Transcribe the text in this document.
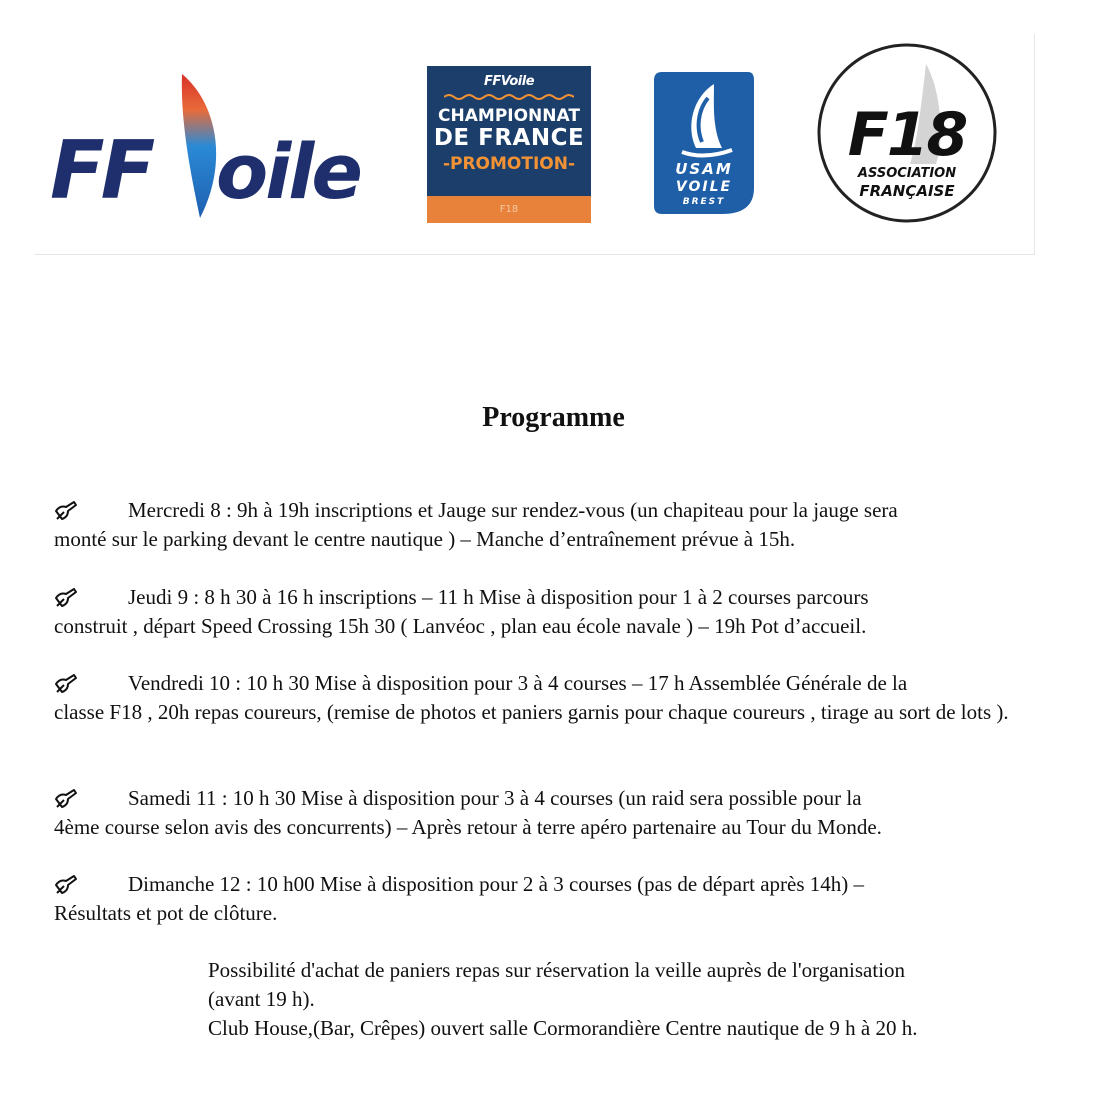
FF oile
FFVoile
CHAMPIONNAT
DE FRANCE
-PROMOTION-
F18
USAM
VOILE
BREST
F18
ASSOCIATION
FRANÇAISE
Programme
Mercredi 8 : 9h à 19h inscriptions et Jauge sur rendez-vous (un chapiteau pour la jauge sera
monté sur le parking devant le centre nautique ) – Manche d’entraînement prévue à 15h.
Jeudi 9 : 8 h 30 à 16 h inscriptions – 11 h Mise à disposition pour 1 à 2 courses parcours
construit , départ Speed Crossing 15h 30 ( Lanvéoc , plan eau école navale ) – 19h Pot d’accueil.
Vendredi 10 : 10 h 30 Mise à disposition pour 3 à 4 courses – 17 h Assemblée Générale de la
classe F18 , 20h repas coureurs, (remise de photos et paniers garnis pour chaque coureurs , tirage au sort de lots ).
Samedi 11 : 10 h 30 Mise à disposition pour 3 à 4 courses (un raid sera possible pour la
4ème course selon avis des concurrents) – Après retour à terre apéro partenaire au Tour du Monde.
Dimanche 12 : 10 h00 Mise à disposition pour 2 à 3 courses (pas de départ après 14h) –
Résultats et pot de clôture.
Possibilité d'achat de paniers repas sur réservation la veille auprès de l'organisation
(avant 19 h).
Club House,(Bar, Crêpes) ouvert salle Cormorandière Centre nautique de 9 h à 20 h.
